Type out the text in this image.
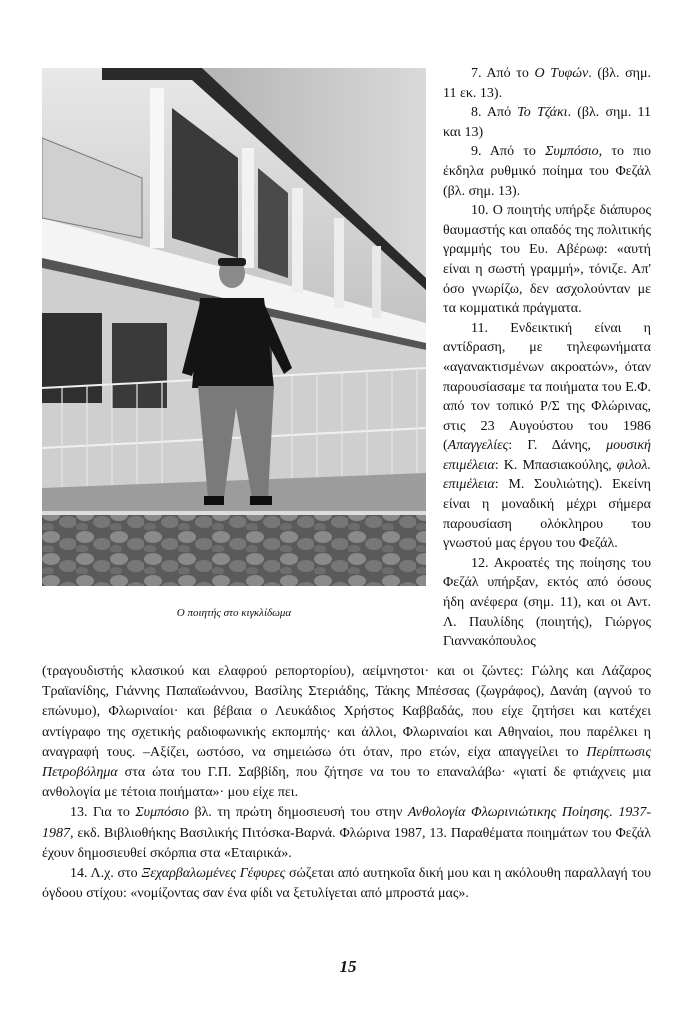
Ο ποιητής στο κιγκλίδωμα

7. Από το Ο Τυφών. (βλ. σημ. 11 εκ. 13).

8. Από Το Τζάκι. (βλ. σημ. 11 και 13)

9. Από το Συμπόσιο, το πιο έκδηλα ρυθμικό ποίημα του Φεζάλ (βλ. σημ. 13).

10. Ο ποιητής υπήρξε διάπυρος θαυμαστής και οπαδός της πολιτικής γραμμής του Ευ. Αβέρωφ: «αυτή είναι η σωστή γραμμή», τόνιζε. Απ' όσο γνωρίζω, δεν ασχολούνταν με τα κομματικά πράγματα.

11. Ενδεικτική είναι η αντίδραση, με τηλεφωνήματα «αγανακτισμένων ακροατών», όταν παρουσίασαμε τα ποιήματα του Ε.Φ. από τον τοπικό Ρ/Σ της Φλώρινας, στις 23 Αυγούστου του 1986 (Απαγγελίες: Γ. Δάνης, μουσική επιμέλεια: Κ. Μπασιακούλης, φιλολ. επιμέλεια: Μ. Σουλιώτης). Εκείνη είναι η μοναδική μέχρι σήμερα παρουσίαση ολόκληρου του γνωστού μας έργου του Φεζάλ.

12. Ακροατές της ποίησης του Φεζάλ υπήρξαν, εκτός από όσους ήδη ανέφερα (σημ. 11), και οι Αντ. Λ. Παυλίδης (ποιητής), Γιώργος Γιαννακόπουλος

(τραγουδιστής κλασικού και ελαφρού ρεπορτορίου), αείμνηστοι· και οι ζώντες: Γώλης και Λάζαρος Τραϊανίδης, Γιάννης Παπαϊωάννου, Βασίλης Στεριάδης, Τάκης Μπέσσας (ζωγράφος), Δανάη (αγνού το επώνυμο), Φλωριναίοι· και βέβαια ο Λευκάδιος Χρήστος Καββαδάς, που είχε ζητήσει και κατέχει αντίγραφο της σχετικής ραδιοφωνικής εκπομπής· και άλλοι, Φλωριναίοι και Αθηναίοι, που παρέλκει η αναγραφή τους. –Αξίζει, ωστόσο, να σημειώσω ότι όταν, προ ετών, είχα απαγγείλει το Περίπτωσις Πετροβόλημα στα ώτα του Γ.Π. Σαββίδη, που ζήτησε να του το επαναλάβω· «γιατί δε φτιάχνεις μια ανθολογία με τέτοια ποιήματα»· μου είχε πει.

13. Για το Συμπόσιο βλ. τη πρώτη δημοσιευσή του στην Ανθολογία Φλωρινιώτικης Ποίησης. 1937-1987, εκδ. Βιβλιοθήκης Βασιλικής Πιτόσκα-Βαρνά. Φλώρινα 1987, 13. Παραθέματα ποιημάτων του Φεζάλ έχουν δημοσιευθεί σκόρπια στα «Εταιρικά».

14. Λ.χ. στο Ξεχαρβαλωμένες Γέφυρες σώζεται από αυτηκοΐα δική μου και η ακόλουθη παραλλαγή του όγδοου στίχου: «νομίζοντας σαν ένα φίδι να ξετυλίγεται από μπροστά μας».

15
